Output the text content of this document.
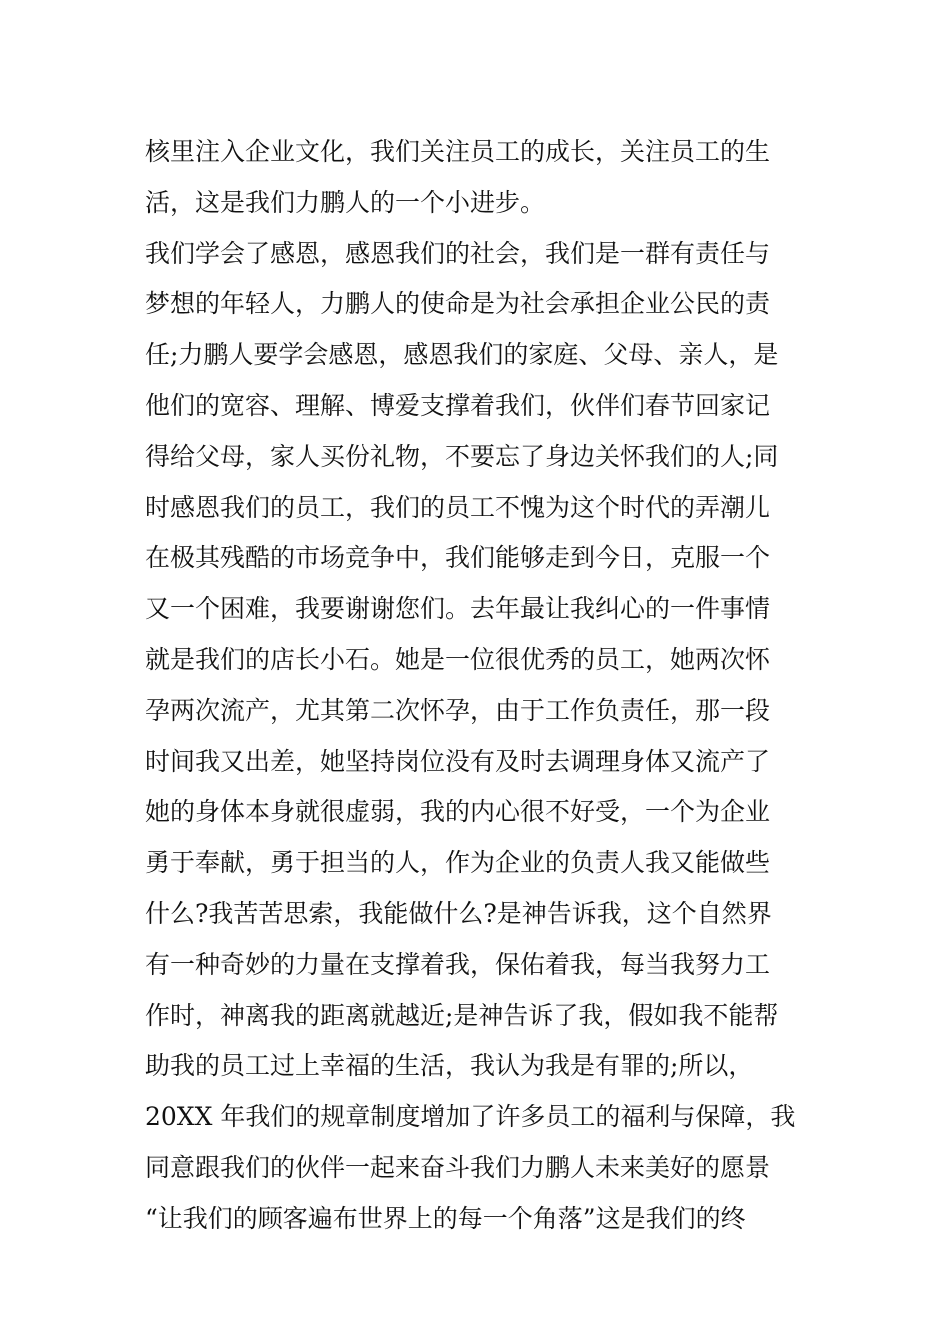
核里注入企业文化，我们关注员工的成长，关注员工的生
活，这是我们力鹏人的一个小进步。
我们学会了感恩，感恩我们的社会，我们是一群有责任与
梦想的年轻人，力鹏人的使命是为社会承担企业公民的责
任;力鹏人要学会感恩，感恩我们的家庭、父母、亲人，是
他们的宽容、理解、博爱支撑着我们，伙伴们春节回家记
得给父母，家人买份礼物，不要忘了身边关怀我们的人;同
时感恩我们的员工，我们的员工不愧为这个时代的弄潮儿
在极其残酷的市场竞争中，我们能够走到今日，克服一个
又一个困难，我要谢谢您们。去年最让我纠心的一件事情
就是我们的店长小石。她是一位很优秀的员工，她两次怀
孕两次流产，尤其第二次怀孕，由于工作负责任，那一段
时间我又出差，她坚持岗位没有及时去调理身体又流产了
她的身体本身就很虚弱，我的内心很不好受，一个为企业
勇于奉献，勇于担当的人，作为企业的负责人我又能做些
什么?我苦苦思索，我能做什么?是神告诉我，这个自然界
有一种奇妙的力量在支撑着我，保佑着我，每当我努力工
作时，神离我的距离就越近;是神告诉了我，假如我不能帮
助我的员工过上幸福的生活，我认为我是有罪的;所以，
20XX 年我们的规章制度增加了许多员工的福利与保障，我
同意跟我们的伙伴一起来奋斗我们力鹏人未来美好的愿景
“让我们的顾客遍布世界上的每一个角落”这是我们的终
